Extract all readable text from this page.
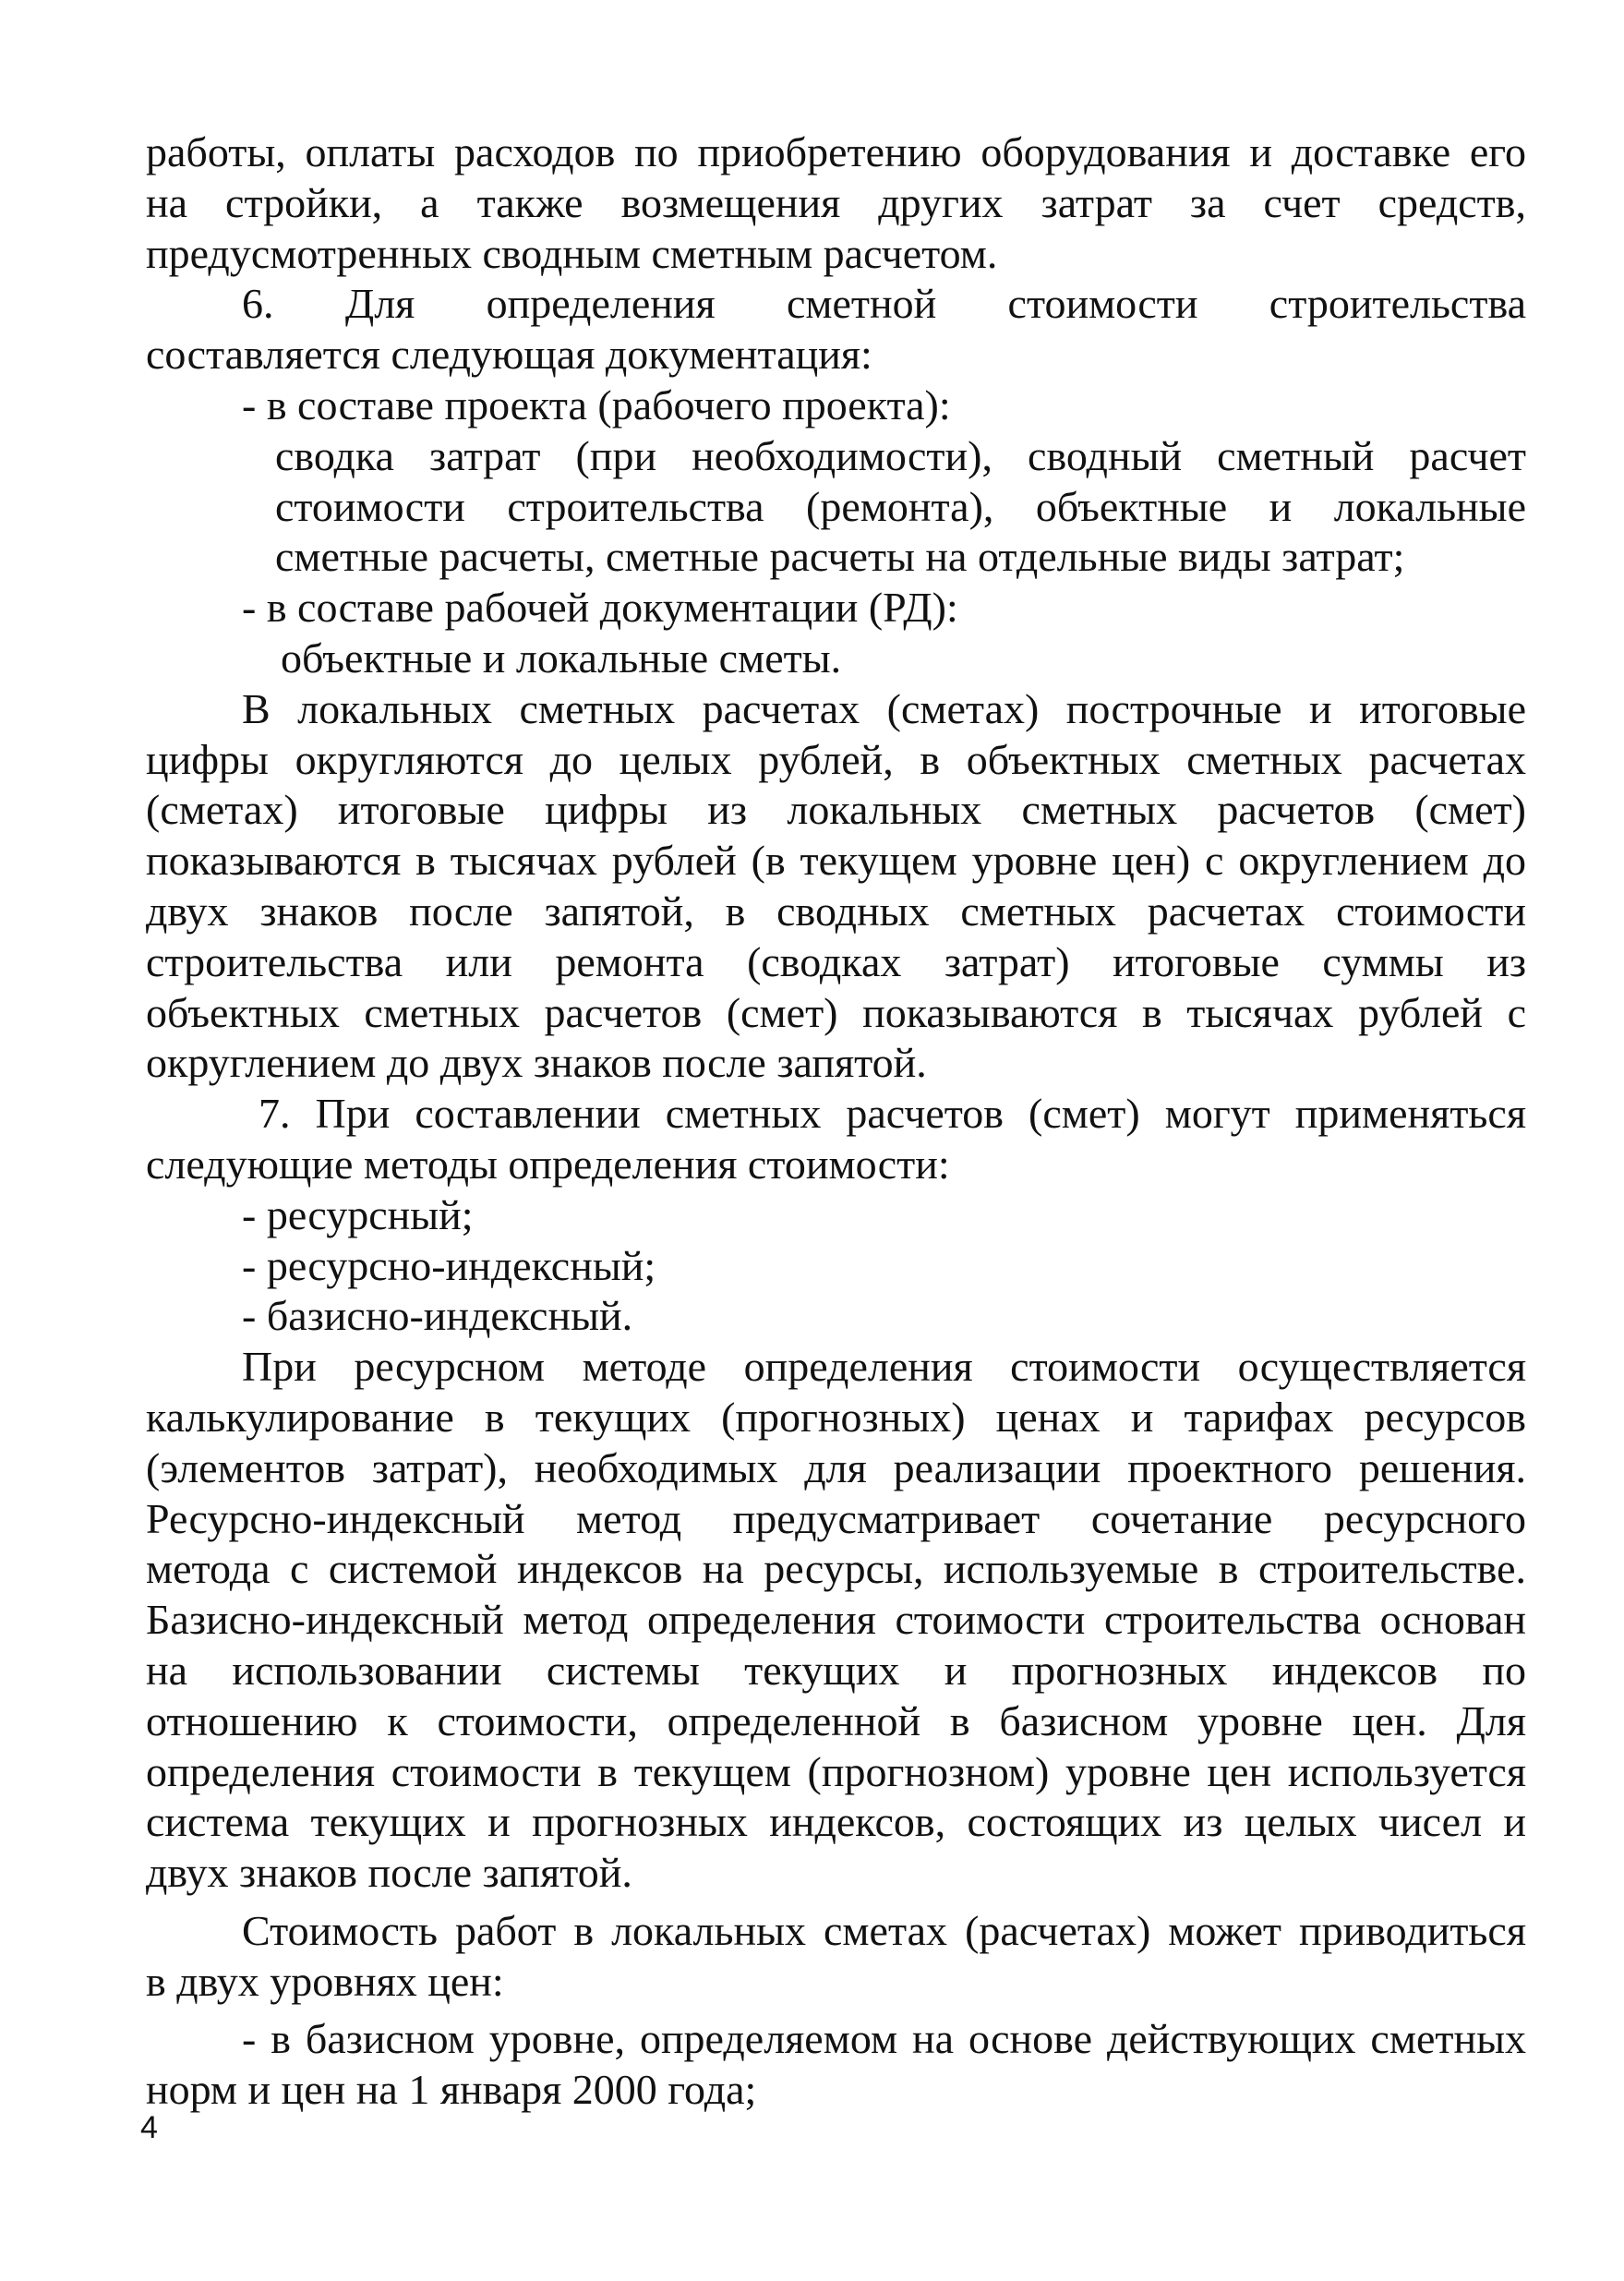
работы, оплаты расходов по приобретению оборудования и доставке его
на стройки, а также возмещения других затрат за счет средств,
предусмотренных сводным сметным расчетом.
6. Для определения сметной стоимости строительства
составляется следующая документация:
- в составе проекта (рабочего проекта):
сводка затрат (при необходимости), сводный сметный расчет
стоимости строительства (ремонта), объектные и локальные
сметные расчеты, сметные расчеты на отдельные виды затрат;
- в составе рабочей документации (РД):
объектные и локальные сметы.
В локальных сметных расчетах (сметах) построчные и итоговые
цифры округляются до целых рублей, в объектных сметных расчетах
(сметах) итоговые цифры из локальных сметных расчетов (смет)
показываются в тысячах рублей (в текущем уровне цен) с округлением до
двух знаков после запятой, в сводных сметных расчетах стоимости
строительства или ремонта (сводках затрат) итоговые суммы из
объектных сметных расчетов (смет) показываются в тысячах рублей с
округлением до двух знаков после запятой.
7. При составлении сметных расчетов (смет) могут применяться
следующие методы определения стоимости:
- ресурсный;
- ресурсно-индексный;
- базисно-индексный.
При ресурсном методе определения стоимости осуществляется
калькулирование в текущих (прогнозных) ценах и тарифах ресурсов
(элементов затрат), необходимых для реализации проектного решения.
Ресурсно-индексный метод предусматривает сочетание ресурсного
метода с системой индексов на ресурсы, используемые в строительстве.
Базисно-индексный метод определения стоимости строительства основан
на использовании системы текущих и прогнозных индексов по
отношению к стоимости, определенной в базисном уровне цен. Для
определения стоимости в текущем (прогнозном) уровне цен используется
система текущих и прогнозных индексов, состоящих из целых чисел и
двух знаков после запятой.
Стоимость работ в локальных сметах (расчетах) может приводиться
в двух уровнях цен:
- в базисном уровне, определяемом на основе действующих сметных
норм и цен на 1 января 2000 года;
4
